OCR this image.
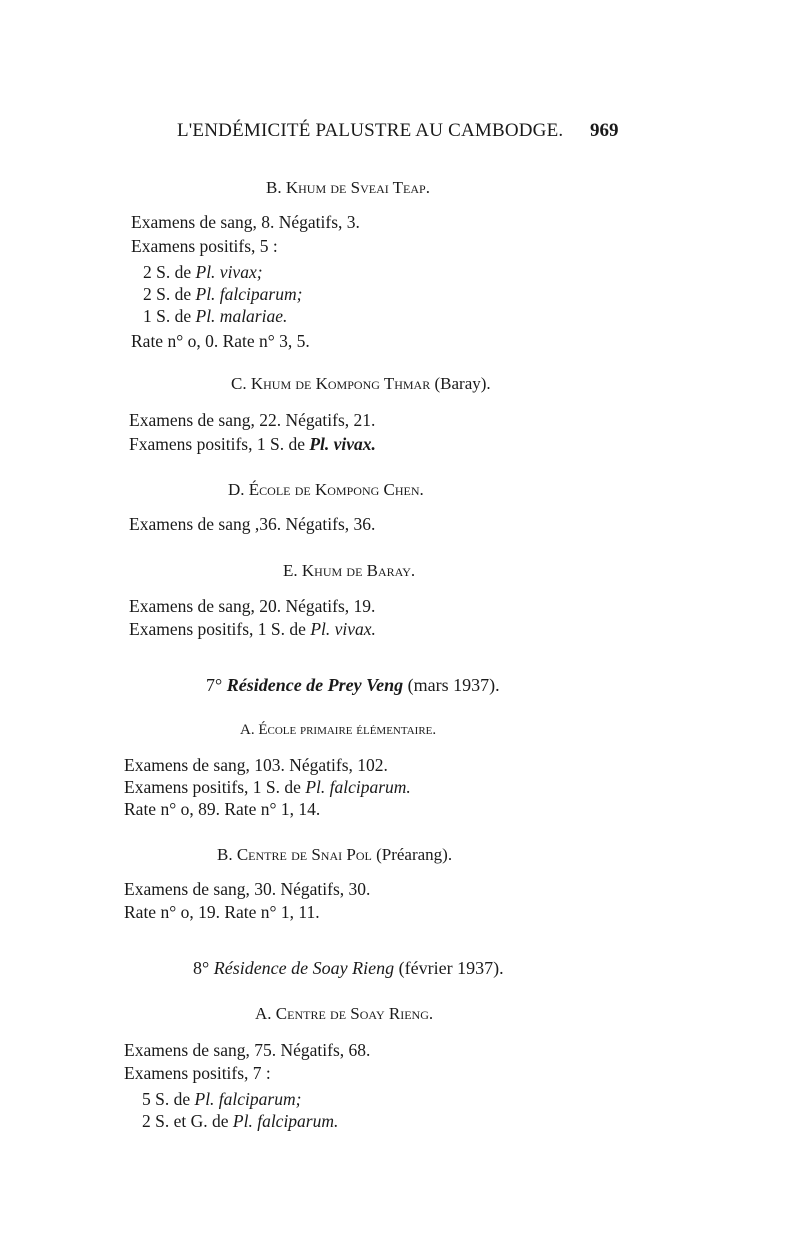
L'ENDÉMICITÉ PALUSTRE AU CAMBODGE. 969
B. Khum de Sveai Teap.
Examens de sang, 8. Négatifs, 3.
Examens positifs, 5 :
2 S. de Pl. vivax;
2 S. de Pl. falciparum;
1 S. de Pl. malariae.
Rate n° o, 0. Rate n° 3, 5.
C. Khum de Kompong Thmar (Baray).
Examens de sang, 22. Négatifs, 21.
Fxamens positifs, 1 S. de Pl. vivax.
D. École de Kompong Chen.
Examens de sang ,36. Négatifs, 36.
E. Khum de Baray.
Examens de sang, 20. Négatifs, 19.
Examens positifs, 1 S. de Pl. vivax.
7° Résidence de Prey Veng (mars 1937).
A. École primaire élémentaire.
Examens de sang, 103. Négatifs, 102.
Examens positifs, 1 S. de Pl. falciparum.
Rate n° o, 89. Rate n° 1, 14.
B. Centre de Snai Pol (Préarang).
Examens de sang, 30. Négatifs, 30.
Rate n° o, 19. Rate n° 1, 11.
8° Résidence de Soay Rieng (février 1937).
A. Centre de Soay Rieng.
Examens de sang, 75. Négatifs, 68.
Examens positifs, 7 :
5 S. de Pl. falciparum;
2 S. et G. de Pl. falciparum.
